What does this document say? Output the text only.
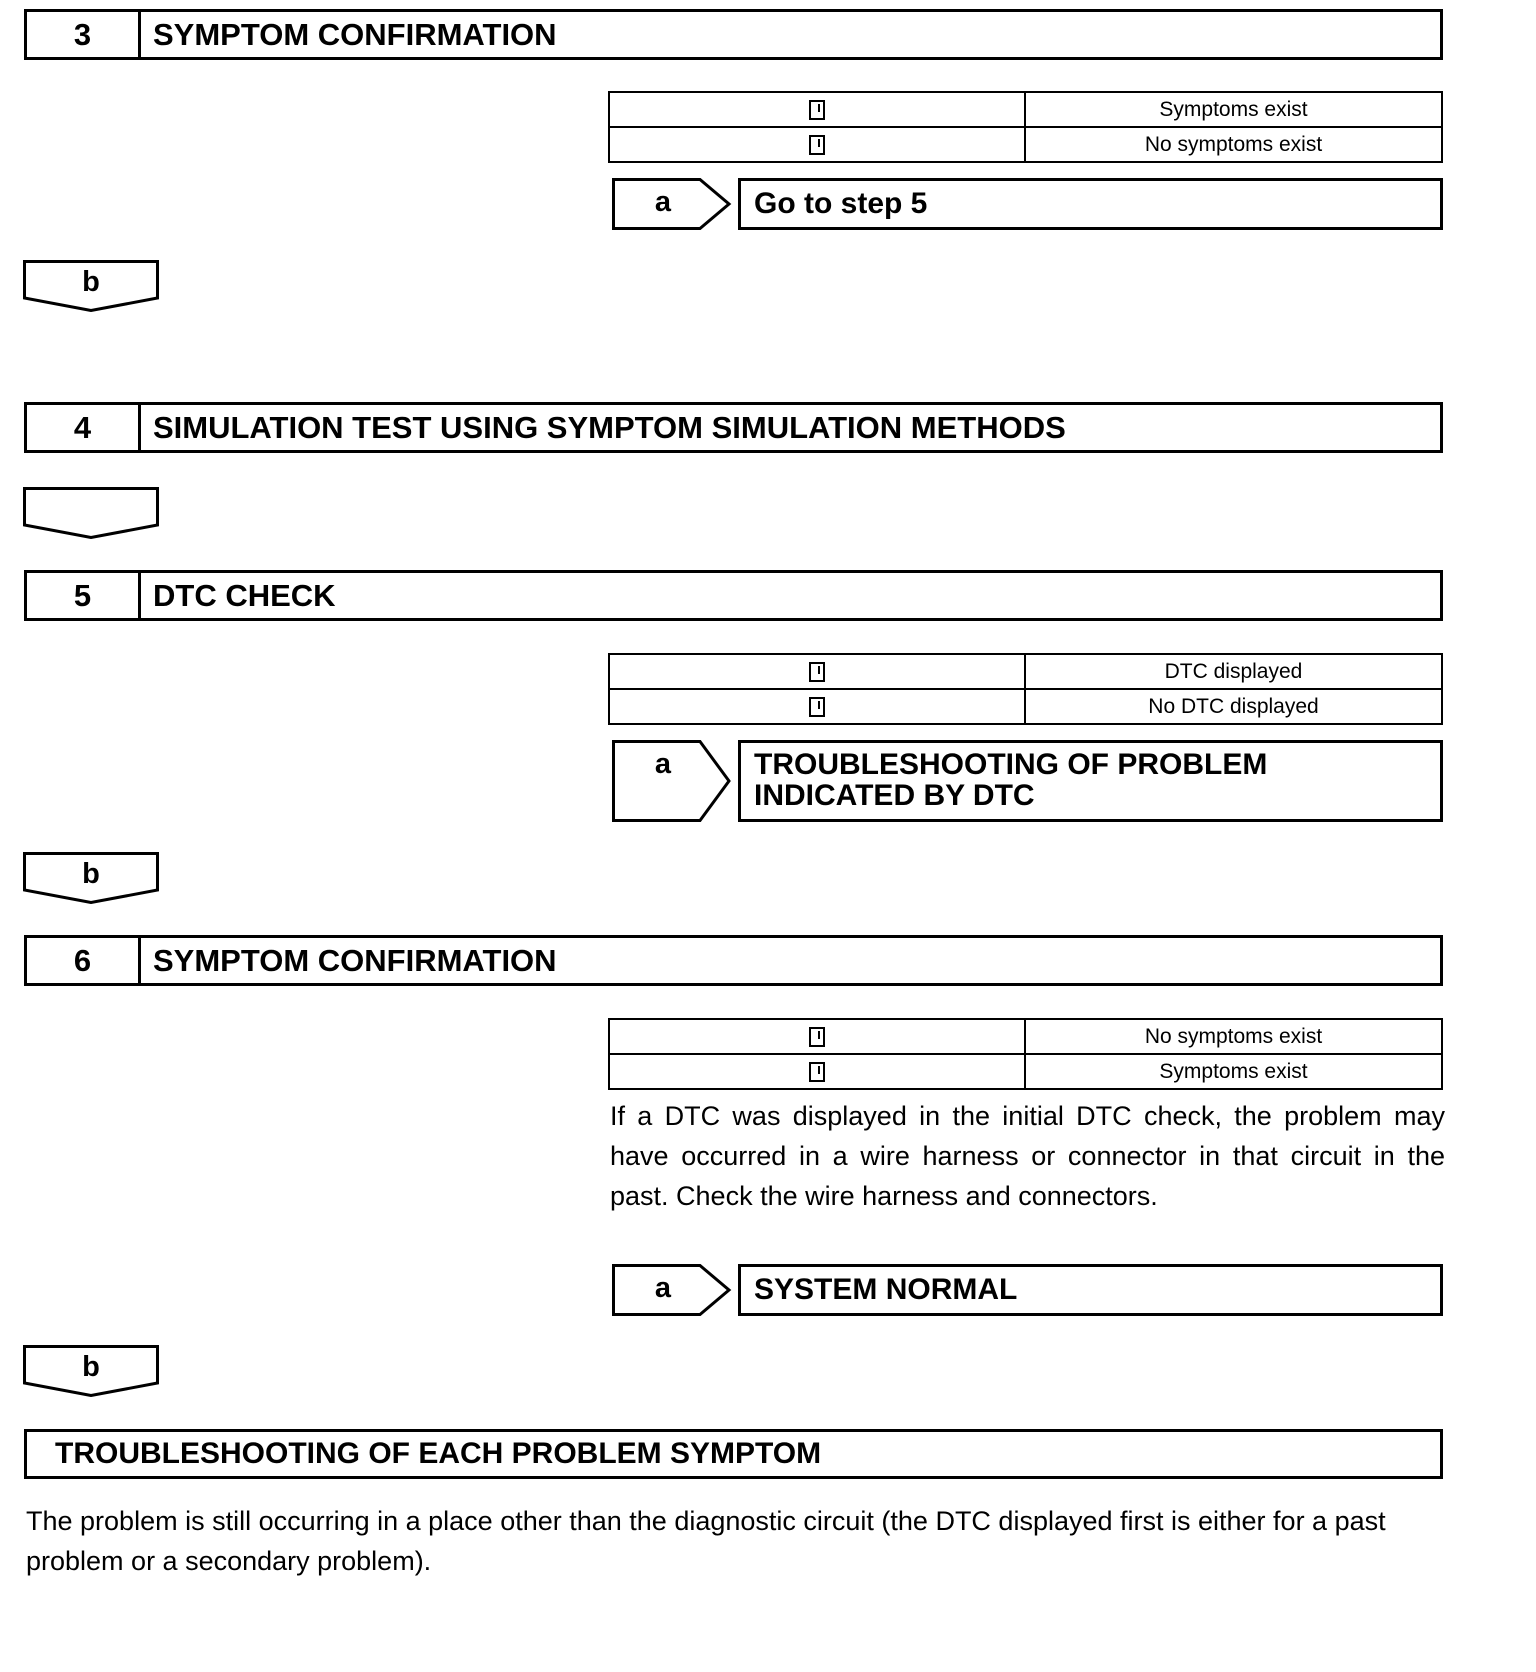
3	SYMPTOM CONFIRMATION
	Symptoms exist
	No symptoms exist
a	Go to step 5
b
4	SIMULATION TEST USING SYMPTOM SIMULATION METHODS
5	DTC CHECK
	DTC displayed
	No DTC displayed
a	TROUBLESHOOTING OF PROBLEM
INDICATED BY DTC
b
6	SYMPTOM CONFIRMATION
	No symptoms exist
	Symptoms exist
If a DTC was displayed in the initial DTC check, the problem may have occurred in a wire harness or connector in that circuit in the past. Check the wire harness and connectors.
a	SYSTEM NORMAL
b
TROUBLESHOOTING OF EACH PROBLEM SYMPTOM
The problem is still occurring in a place other than the diagnostic circuit (the DTC displayed first is either for a past problem or a secondary problem).
